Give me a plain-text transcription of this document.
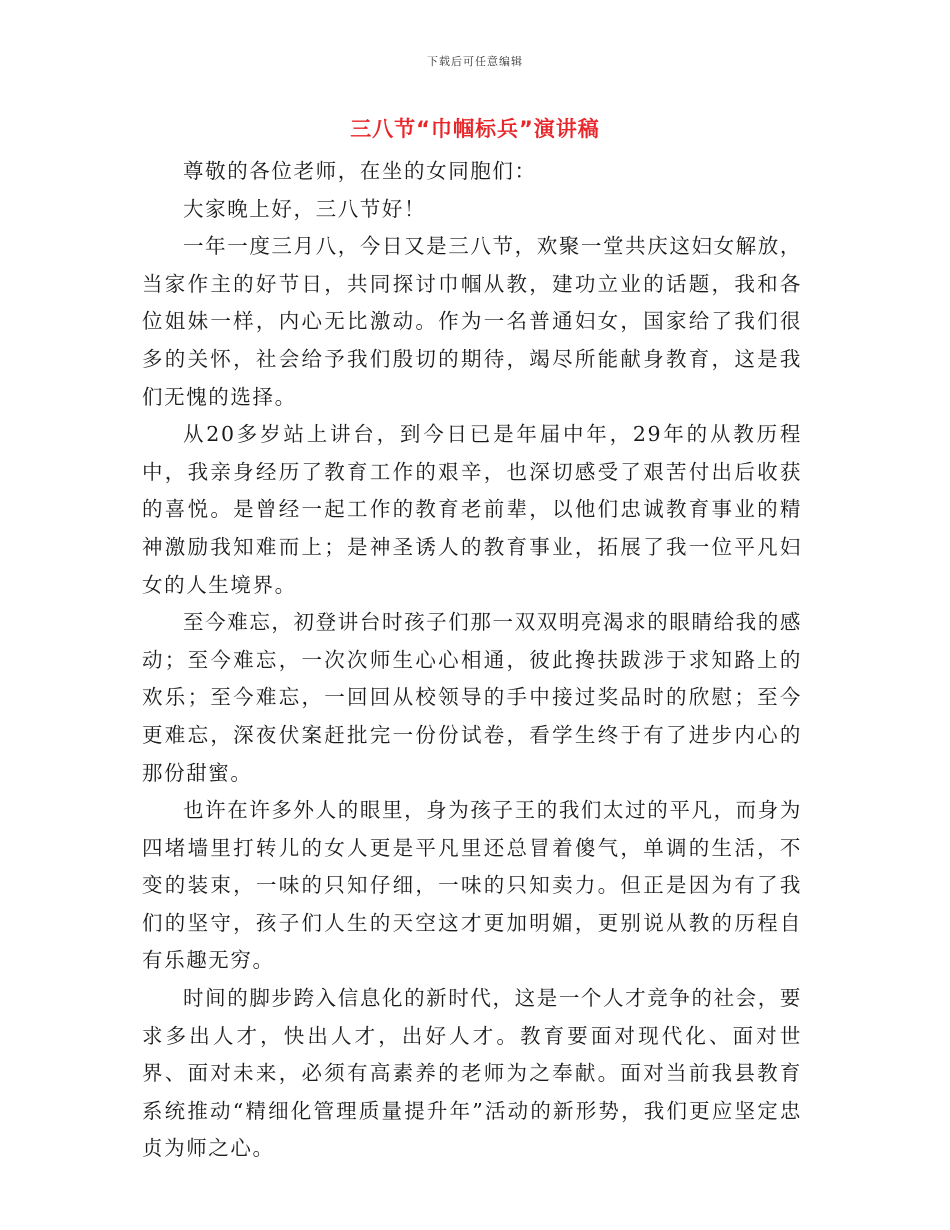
下载后可任意编辑
三八节“巾帼标兵”演讲稿

尊敬的各位老师，在坐的女同胞们：

大家晚上好，三八节好！

一年一度三月八，今日又是三八节，欢聚一堂共庆这妇女解放，当家作主的好节日，共同探讨巾帼从教，建功立业的话题，我和各位姐妹一样，内心无比激动。作为一名普通妇女，国家给了我们很多的关怀，社会给予我们殷切的期待，竭尽所能献身教育，这是我们无愧的选择。

从20多岁站上讲台，到今日已是年届中年，29年的从教历程中，我亲身经历了教育工作的艰辛，也深切感受了艰苦付出后收获的喜悦。是曾经一起工作的教育老前辈，以他们忠诚教育事业的精神激励我知难而上；是神圣诱人的教育事业，拓展了我一位平凡妇女的人生境界。

至今难忘，初登讲台时孩子们那一双双明亮渴求的眼睛给我的感动；至今难忘，一次次师生心心相通，彼此搀扶跋涉于求知路上的欢乐；至今难忘，一回回从校领导的手中接过奖品时的欣慰；至今更难忘，深夜伏案赶批完一份份试卷，看学生终于有了进步内心的那份甜蜜。

也许在许多外人的眼里，身为孩子王的我们太过的平凡，而身为四堵墙里打转儿的女人更是平凡里还总冒着傻气，单调的生活，不变的装束，一味的只知仔细，一味的只知卖力。但正是因为有了我们的坚守，孩子们人生的天空这才更加明媚，更别说从教的历程自有乐趣无穷。

时间的脚步跨入信息化的新时代，这是一个人才竞争的社会，要求多出人才，快出人才，出好人才。教育要面对现代化、面对世界、面对未来，必须有高素养的老师为之奉献。面对当前我县教育系统推动“精细化管理质量提升年”活动的新形势，我们更应坚定忠贞为师之心。
